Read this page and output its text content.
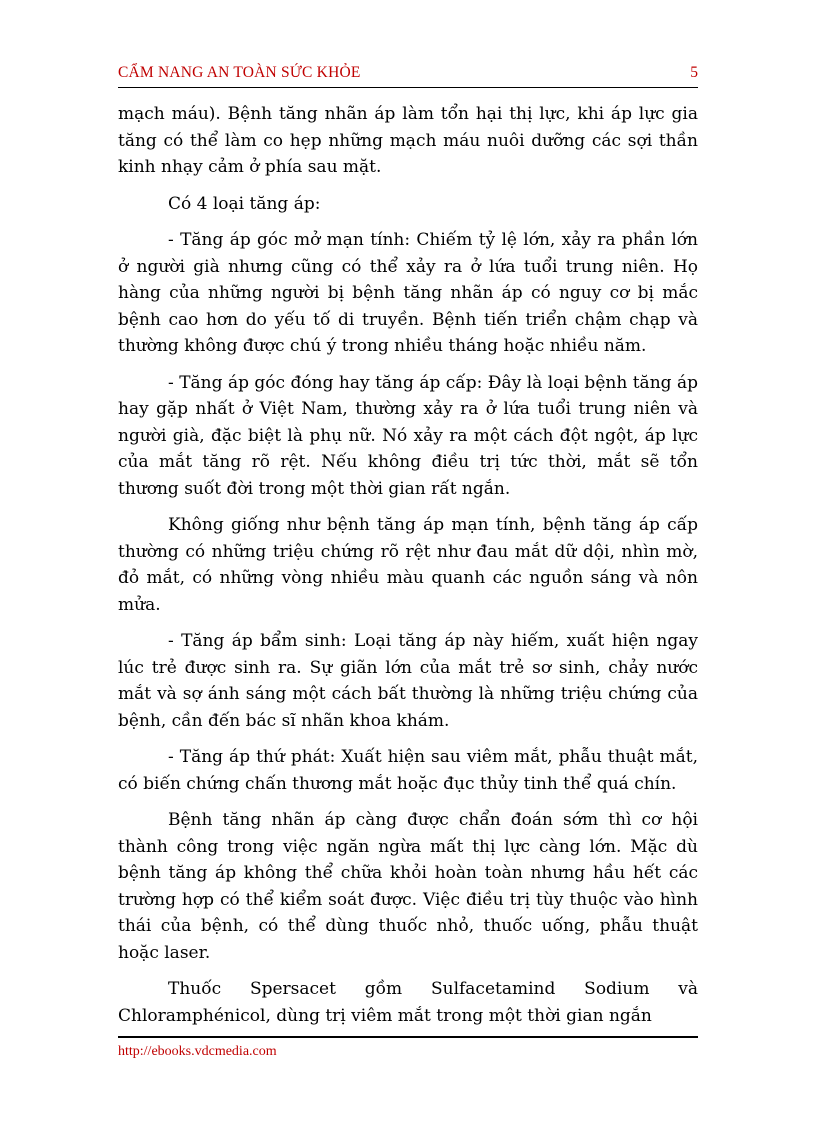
CẨM NANG AN TOÀN SỨC KHỎE	5

mạch máu). Bệnh tăng nhãn áp làm tổn hại thị lực, khi áp lực gia tăng có thể làm co hẹp những mạch máu nuôi dưỡng các sợi thần kinh nhạy cảm ở phía sau mặt.

Có 4 loại tăng áp:

- Tăng áp góc mở mạn tính: Chiếm tỷ lệ lớn, xảy ra phần lớn ở người già nhưng cũng có thể xảy ra ở lứa tuổi trung niên. Họ hàng của những người bị bệnh tăng nhãn áp có nguy cơ bị mắc bệnh cao hơn do yếu tố di truyền. Bệnh tiến triển chậm chạp và thường không được chú ý trong nhiều tháng hoặc nhiều năm.

- Tăng áp góc đóng hay tăng áp cấp: Đây là loại bệnh tăng áp hay gặp nhất ở Việt Nam, thường xảy ra ở lứa tuổi trung niên và người già, đặc biệt là phụ nữ. Nó xảy ra một cách đột ngột, áp lực của mắt tăng rõ rệt. Nếu không điều trị tức thời, mắt sẽ tổn thương suốt đời trong một thời gian rất ngắn.

Không giống như bệnh tăng áp mạn tính, bệnh tăng áp cấp thường có những triệu chứng rõ rệt như đau mắt dữ dội, nhìn mờ, đỏ mắt, có những vòng nhiều màu quanh các nguồn sáng và nôn mửa.

- Tăng áp bẩm sinh: Loại tăng áp này hiếm, xuất hiện ngay lúc trẻ được sinh ra. Sự giãn lớn của mắt trẻ sơ sinh, chảy nước mắt và sợ ánh sáng một cách bất thường là những triệu chứng của bệnh, cần đến bác sĩ nhãn khoa khám.

- Tăng áp thứ phát: Xuất hiện sau viêm mắt, phẫu thuật mắt, có biến chứng chấn thương mắt hoặc đục thủy tinh thể quá chín.

Bệnh tăng nhãn áp càng được chẩn đoán sớm thì cơ hội thành công trong việc ngăn ngừa mất thị lực càng lớn. Mặc dù bệnh tăng áp không thể chữa khỏi hoàn toàn nhưng hầu hết các trường hợp có thể kiểm soát được. Việc điều trị tùy thuộc vào hình thái của bệnh, có thể dùng thuốc nhỏ, thuốc uống, phẫu thuật hoặc laser.

Thuốc Spersacet gồm Sulfacetamind Sodium và Chloramphénicol, dùng trị viêm mắt trong một thời gian ngắn

http://ebooks.vdcmedia.com
